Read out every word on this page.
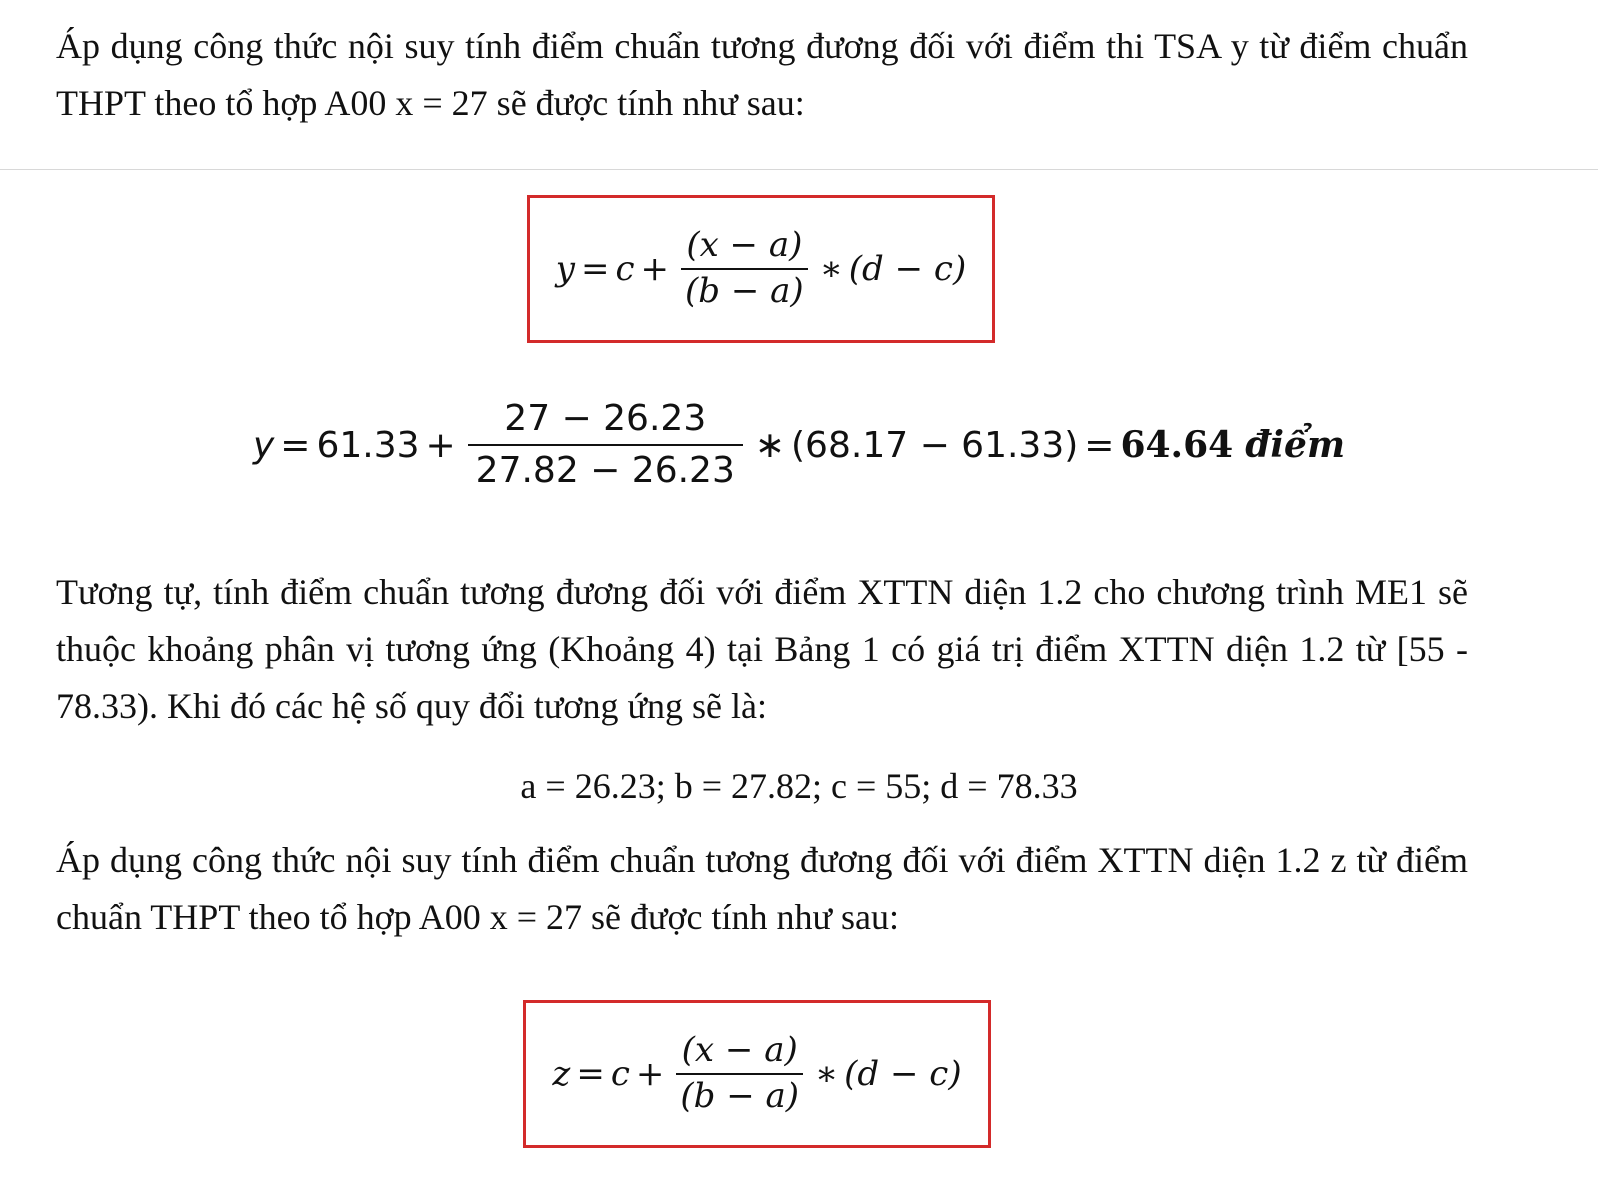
Áp dụng công thức nội suy tính điểm chuẩn tương đương đối với điểm thi TSA y từ điểm chuẩn THPT theo tổ hợp A00 x = 27 sẽ được tính như sau:

$y = c + \frac{(x - a)}{(b - a)}$ ∗ (d − c)
$y = 61.33 + \frac{27 - 26.23}{27.82 - 26.23}$ ∗ (68.17 − 61.33) = 64.64 điểm

Tương tự, tính điểm chuẩn tương đương đối với điểm XTTN diện 1.2 cho chương trình ME1 sẽ thuộc khoảng phân vị tương ứng (Khoảng 4) tại Bảng 1 có giá trị điểm XTTN diện 1.2 từ [55 - 78.33). Khi đó các hệ số quy đổi tương ứng sẽ là:

a = 26.23; b = 27.82; c = 55; d = 78.33

Áp dụng công thức nội suy tính điểm chuẩn tương đương đối với điểm XTTN diện 1.2 z từ điểm chuẩn THPT theo tổ hợp A00 x = 27 sẽ được tính như sau:

$z = c + \frac{(x - a)}{(b - a)}$ ∗ (d − c)
